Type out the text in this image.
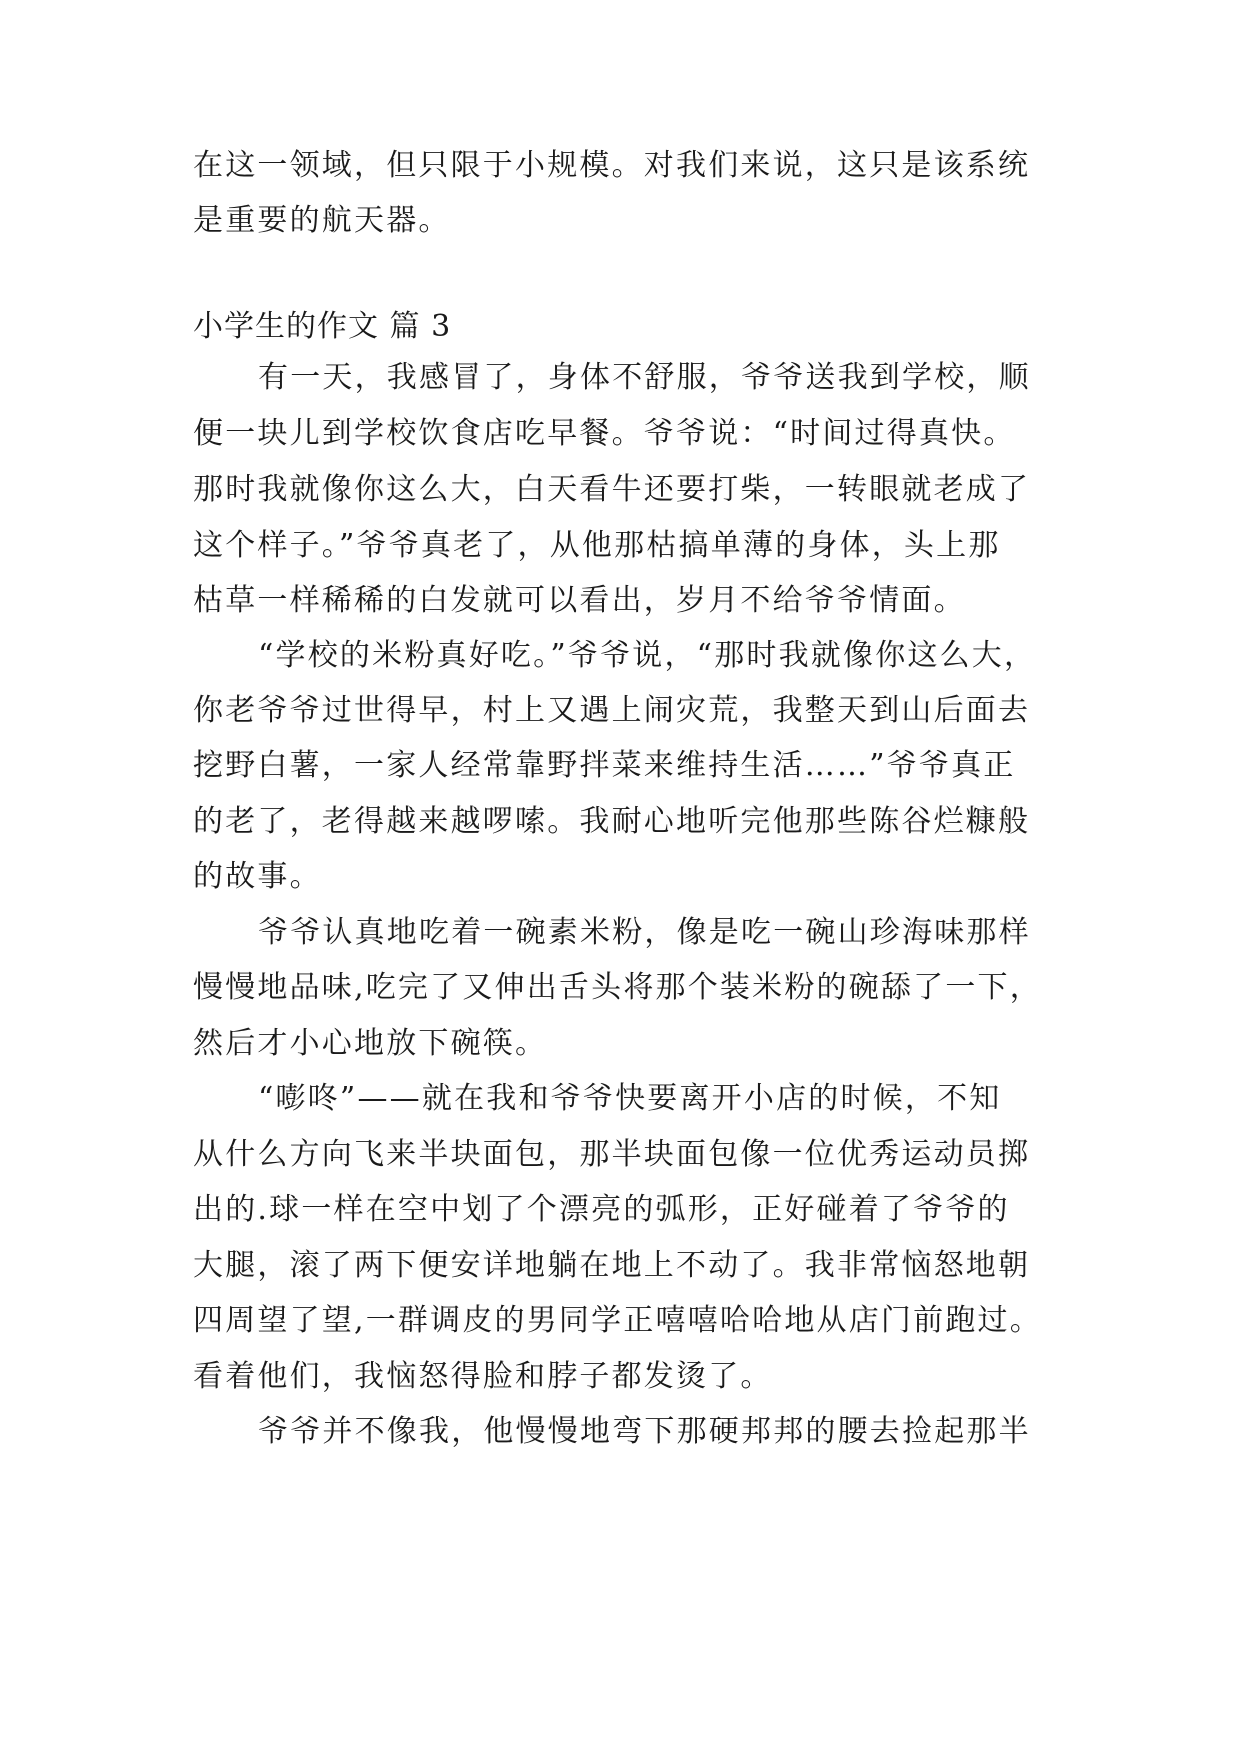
在这一领域，但只限于小规模。对我们来说，这只是该系统
是重要的航天器。
小学生的作文 篇 3
有一天，我感冒了，身体不舒服，爷爷送我到学校，顺
便一块儿到学校饮食店吃早餐。爷爷说：“时间过得真快。
那时我就像你这么大，白天看牛还要打柴，一转眼就老成了
这个样子。”爷爷真老了，从他那枯搞单薄的身体，头上那
枯草一样稀稀的白发就可以看出，岁月不给爷爷情面。
“学校的米粉真好吃。”爷爷说，“那时我就像你这么大，
你老爷爷过世得早，村上又遇上闹灾荒，我整天到山后面去
挖野白薯，一家人经常靠野拌菜来维持生活……”爷爷真正
的老了，老得越来越啰嗦。我耐心地听完他那些陈谷烂糠般
的故事。
爷爷认真地吃着一碗素米粉，像是吃一碗山珍海味那样
慢慢地品味,吃完了又伸出舌头将那个装米粉的碗舔了一下，
然后才小心地放下碗筷。
“嘭咚”——就在我和爷爷快要离开小店的时候，不知
从什么方向飞来半块面包，那半块面包像一位优秀运动员掷
出的.球一样在空中划了个漂亮的弧形，正好碰着了爷爷的
大腿，滚了两下便安详地躺在地上不动了。我非常恼怒地朝
四周望了望,一群调皮的男同学正嘻嘻哈哈地从店门前跑过。
看着他们，我恼怒得脸和脖子都发烫了。
爷爷并不像我，他慢慢地弯下那硬邦邦的腰去捡起那半
